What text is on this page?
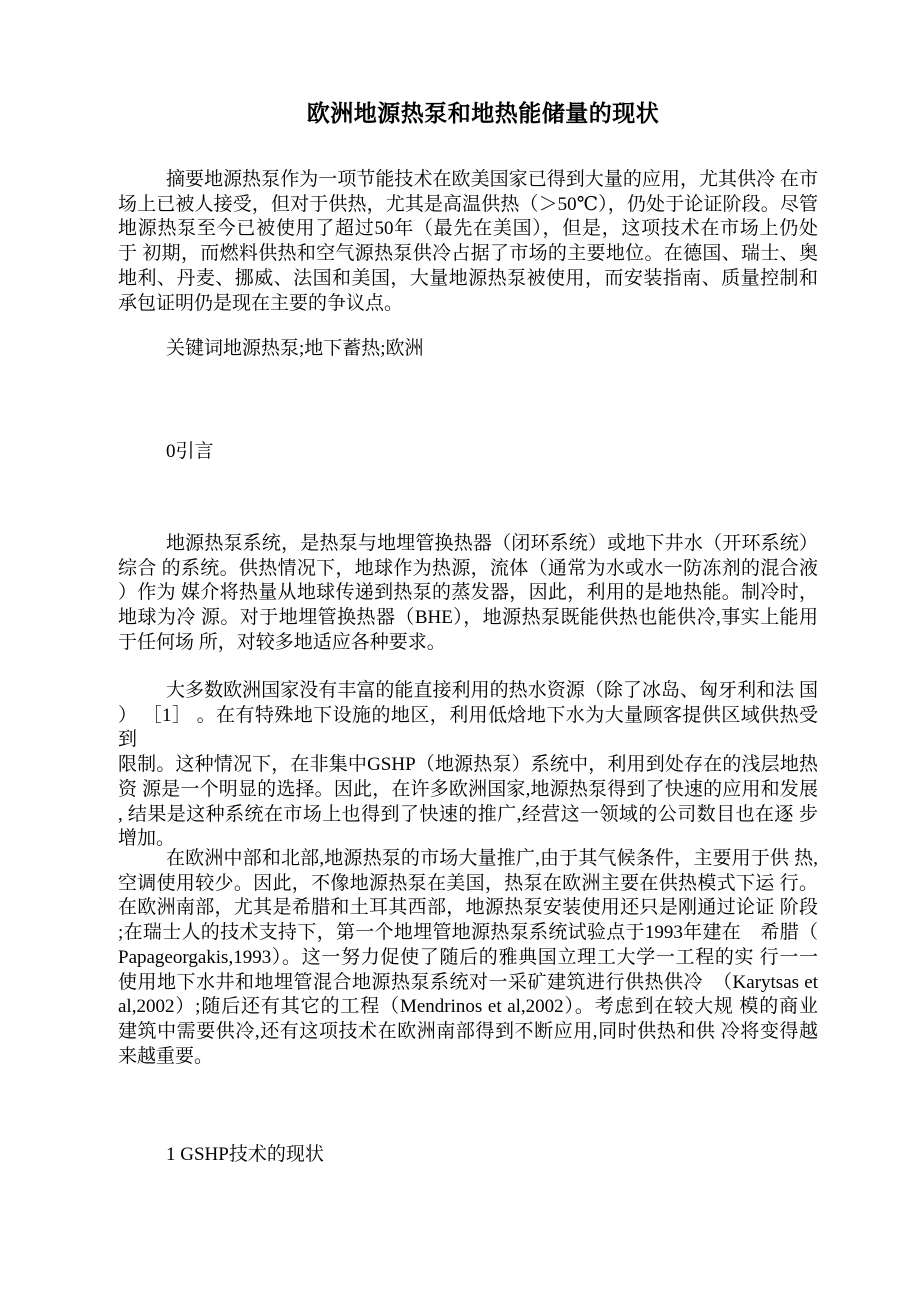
欧洲地源热泵和地热能储量的现状
摘要地源热泵作为一项节能技术在欧美国家已得到大量的应用，尤其供冷 在市
场上已被人接受，但对于供热，尤其是高温供热（＞50℃），仍处于论证阶段。尽管
地源热泵至今已被使用了超过50年（最先在美国），但是，这项技术在市场上仍处
于 初期，而燃料供热和空气源热泵供冷占据了市场的主要地位。在德国、瑞士、奥
地利、丹麦、挪威、法国和美国，大量地源热泵被使用，而安装指南、质量控制和
承包证明仍是现在主要的争议点。
关键词地源热泵;地下蓄热;欧洲
0引言
地源热泵系统，是热泵与地埋管换热器（闭环系统）或地下井水（开环系统）
综合 的系统。供热情况下，地球作为热源，流体（通常为水或水一防冻剂的混合液
）作为 媒介将热量从地球传递到热泵的蒸发器，因此，利用的是地热能。制冷时，
地球为冷 源。对于地埋管换热器（BHE），地源热泵既能供热也能供冷,事实上能用
于任何场 所，对较多地适应各种要求。
大多数欧洲国家没有丰富的能直接利用的热水资源（除了冰岛、匈牙利和法 国
） ［1］ 。在有特殊地下设施的地区，利用低焓地下水为大量顾客提供区域供热受到
限制。这种情况下，在非集中GSHP（地源热泵）系统中，利用到处存在的浅层地热
资 源是一个明显的选择。因此，在许多欧洲国家,地源热泵得到了快速的应用和发展
, 结果是这种系统在市场上也得到了快速的推广,经营这一领域的公司数目也在逐 步
增加。
在欧洲中部和北部,地源热泵的市场大量推广,由于其气候条件，主要用于供 热,
空调使用较少。因此，不像地源热泵在美国，热泵在欧洲主要在供热模式下运 行。
在欧洲南部，尤其是希腊和土耳其西部，地源热泵安装使用还只是刚通过论证 阶段
;在瑞士人的技术支持下，第一个地埋管地源热泵系统试验点于1993年建在　希腊（
Papageorgakis,1993）。这一努力促使了随后的雅典国立理工大学一工程的实 行一一
使用地下水井和地埋管混合地源热泵系统对一采矿建筑进行供热供冷　（Karytsas et
al,2002）;随后还有其它的工程（Mendrinos et al,2002）。考虑到在较大规 模的商业
建筑中需要供冷,还有这项技术在欧洲南部得到不断应用,同时供热和供 冷将变得越
来越重要。
1 GSHP技术的现状
